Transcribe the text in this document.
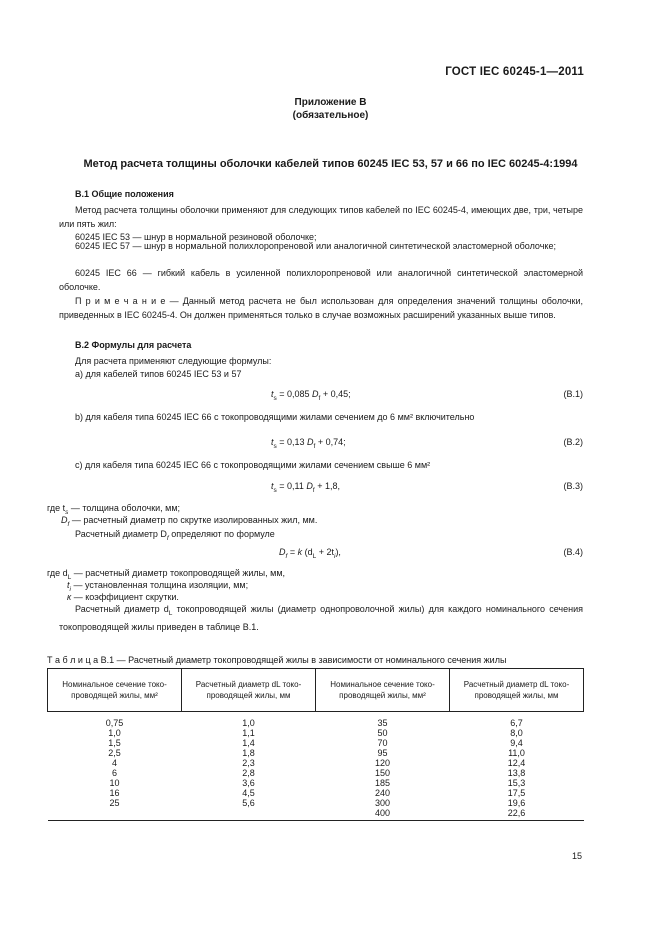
ГОСТ IEC 60245-1—2011
Приложение В
(обязательное)
Метод расчета толщины оболочки кабелей типов 60245 IEC 53, 57 и 66 по IEC 60245-4:1994
В.1 Общие положения
Метод расчета толщины оболочки применяют для следующих типов кабелей по IEC 60245-4, имеющих две, три, четыре или пять жил:
60245 IEC 53 — шнур в нормальной резиновой оболочке;
60245 IEC 57 — шнур в нормальной полихлоропреновой или аналогичной синтетической эластомерной оболочке;
60245 IEC 66 — гибкий кабель в усиленной полихлоропреновой или аналогичной синтетической эластомерной оболочке.
П р и м е ч а н и е — Данный метод расчета не был использован для определения значений толщины оболочки, приведенных в IEC 60245-4. Он должен применяться только в случае возможных расширений указанных выше типов.
В.2 Формулы для расчета
Для расчета применяют следующие формулы:
а) для кабелей типов 60245 IEC 53 и 57
$t_s = 0,085$ $D_f + 0,45$;	(В.1)
b) для кабеля типа 60245 IEC 66 с токопроводящими жилами сечением до 6 мм² включительно
$t_s = 0,13$ $D_f + 0,74$;	(В.2)
c) для кабеля типа 60245 IEC 66 с токопроводящими жилами сечением свыше 6 мм²
$t_s = 0,11$ $D_f + 1,8$,	(В.3)
где $t_s$ — толщина оболочки, мм;
$D_f$ — расчетный диаметр по скрутке изолированных жил, мм.
Расчетный диаметр $D_f$ определяют по формуле
$D_f = k$ $(d_L + 2t_i)$,	(В.4)
где $d_L$ — расчетный диаметр токопроводящей жилы, мм,
$t_i$ — установленная толщина изоляции, мм;
к — коэффициент скрутки.
Расчетный диаметр $d_L$ токопроводящей жилы (диаметр однопроволочной жилы) для каждого номинального сечения токопроводящей жилы приведен в таблице В.1.
Т а б л и ц а В.1 — Расчетный диаметр токопроводящей жилы в зависимости от номинального сечения жилы
Номинальное сечение токо-проводящей жилы, мм²	Расчетный диаметр dL токо-проводящей жилы, мм	Номинальное сечение токо-проводящей жилы, мм²	Расчетный диаметр dL токо-проводящей жилы, мм
0,75	1,0	35	6,7
1,0	1,1	50	8,0
1,5	1,4	70	9,4
2,5	1,8	95	11,0
4	2,3	120	12,4
6	2,8	150	13,8
10	3,6	185	15,3
16	4,5	240	17,5
25	5,6	300	19,6
		400	22,6
15
